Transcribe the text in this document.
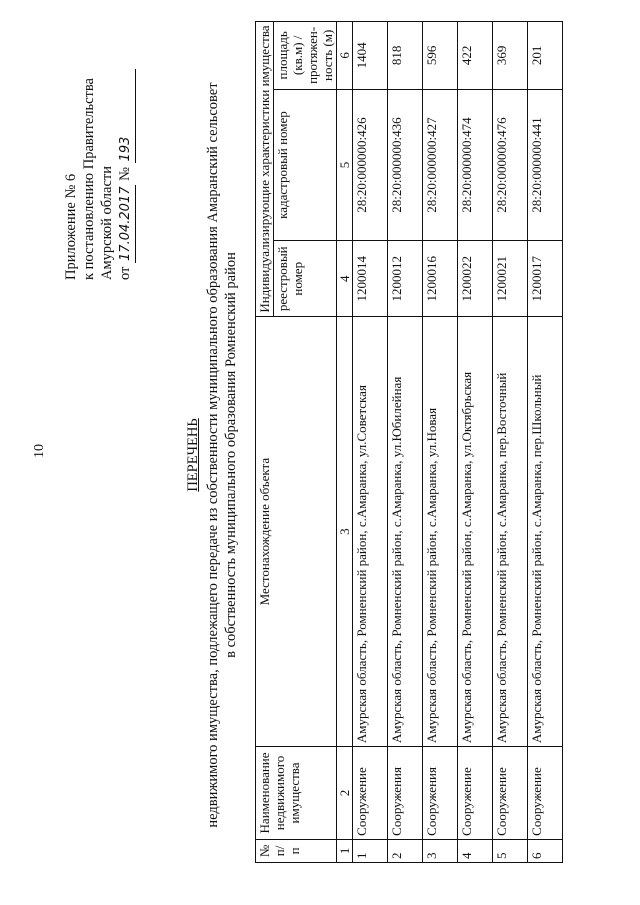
10
Приложение № 6 к постановлению Правительства Амурской области от 17.04.2017 № 193
ПЕРЕЧЕНЬ недвижимого имущества, подлежащего передаче из собственности муниципального образования Амаранский сельсовет в собственность муниципального образования Ромненский район
№ п/п	Наименование недвижимого имущества	Местонахождение объекта	Индивидуализирующие характеристики имущества		
			реестровый номер	кадастровый номер	площадь (кв.м) / протяжен-ность (м)
1	2	3	4	5	6
1	Сооружение	Амурская область, Ромненский район, с.Амаранка, ул.Советская	1200014	28:20:000000:426	1404
2	Сооружения	Амурская область, Ромненский район, с.Амаранка, ул.Юбилейная	1200012	28:20:000000:436	818
3	Сооружения	Амурская область, Ромненский район, с.Амаранка, ул.Новая	1200016	28:20:000000:427	596
4	Сооружение	Амурская область, Ромненский район, с.Амаранка, ул.Октябрьская	1200022	28:20:000000:474	422
5	Сооружение	Амурская область, Ромненский район, с.Амаранка, пер.Восточный	1200021	28:20:000000:476	369
6	Сооружение	Амурская область, Ромненский район, с.Амаранка, пер.Школьный	1200017	28:20:000000:441	201
